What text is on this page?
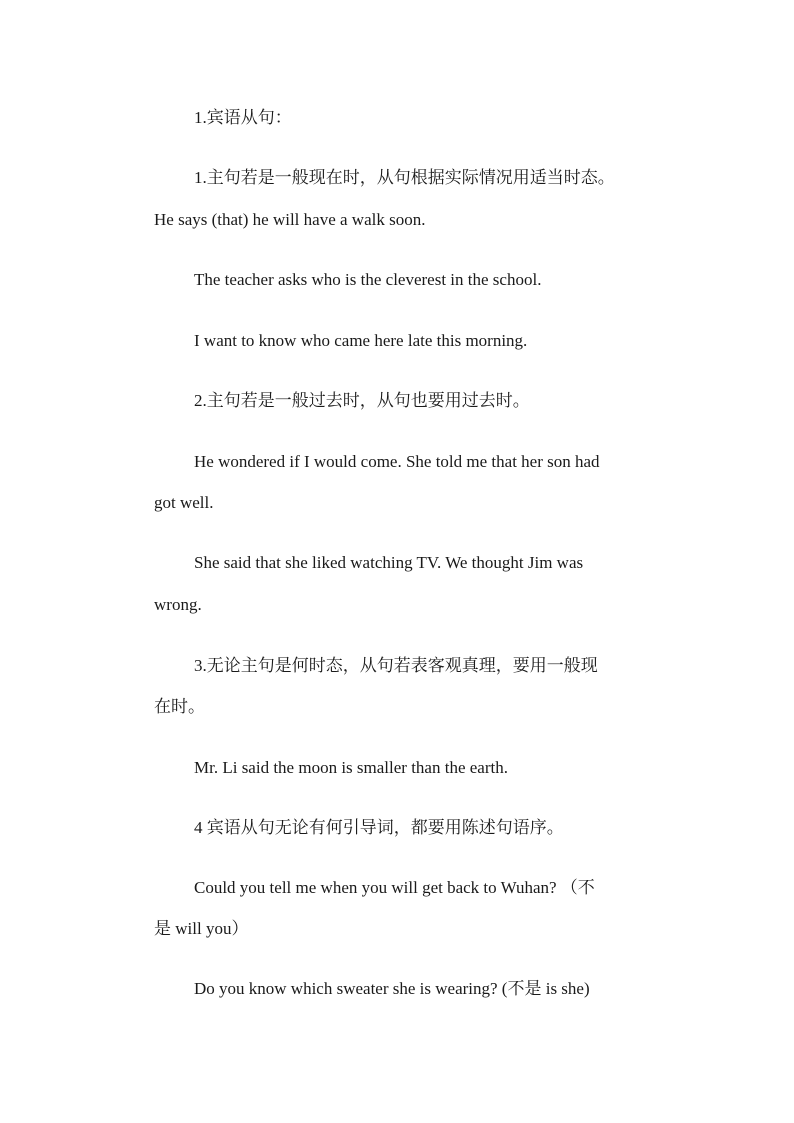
1.宾语从句：
1.主句若是一般现在时，从句根据实际情况用适当时态。
He says (that) he will have a walk soon.
The teacher asks who is the cleverest in the school.
I want to know who came here late this morning.
2.主句若是一般过去时，从句也要用过去时。
He wondered if I would come. She told me that her son had
got well.
She said that she liked watching TV. We thought Jim was
wrong.
3.无论主句是何时态，从句若表客观真理，要用一般现
在时。
Mr. Li said the moon is smaller than the earth.
4 宾语从句无论有何引导词，都要用陈述句语序。
Could you tell me when you will get back to Wuhan? （不
是 will you）
Do you know which sweater she is wearing? (不是 is she)
